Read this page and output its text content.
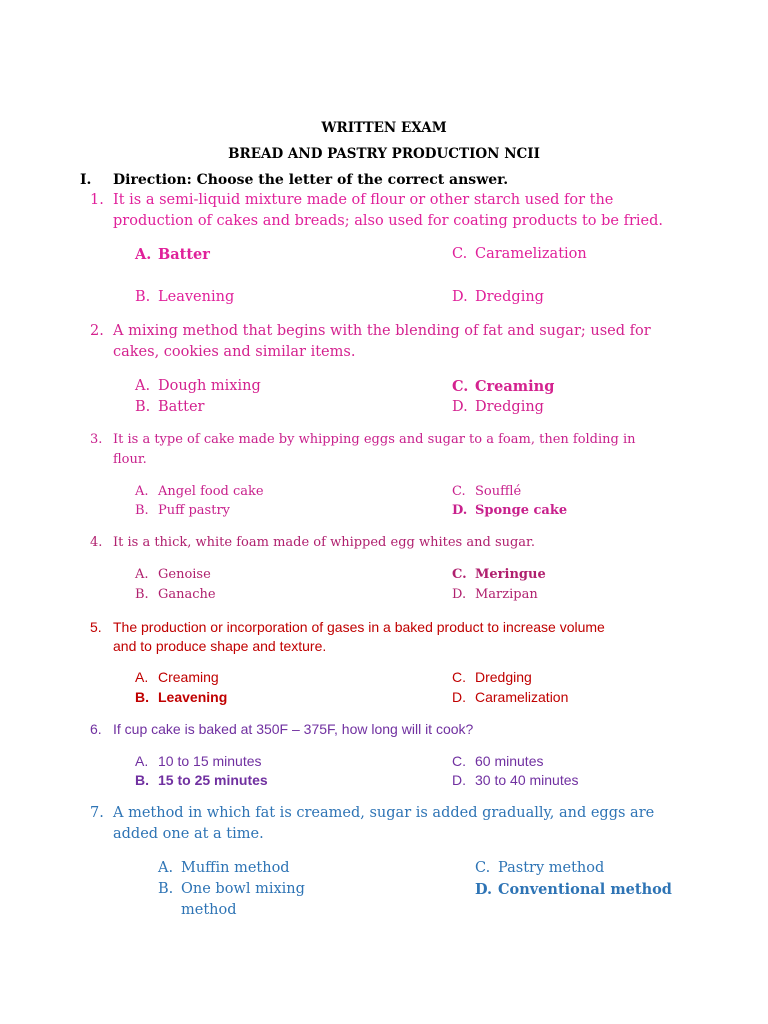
WRITTEN EXAM
BREAD AND PASTRY PRODUCTION NCII
I. Direction: Choose the letter of the correct answer.
1. It is a semi-liquid mixture made of flour or other starch used for the
production of cakes and breads; also used for coating products to be fried.
A. Batter
B. Leavening
C. Caramelization
D. Dredging
2. A mixing method that begins with the blending of fat and sugar; used for
cakes, cookies and similar items.
A. Dough mixing
B. Batter
C. Creaming
D. Dredging
3. It is a type of cake made by whipping eggs and sugar to a foam, then folding in
flour.
A. Angel food cake
B. Puff pastry
C. Soufflé
D. Sponge cake
4. It is a thick, white foam made of whipped egg whites and sugar.
A. Genoise
B. Ganache
C. Meringue
D. Marzipan
5. The production or incorporation of gases in a baked product to increase volume
and to produce shape and texture.
A. Creaming
B. Leavening
C. Dredging
D. Caramelization
6. If cup cake is baked at 350F – 375F, how long will it cook?
A. 10 to 15 minutes
B. 15 to 25 minutes
C. 60 minutes
D. 30 to 40 minutes
7. A method in which fat is creamed, sugar is added gradually, and eggs are
added one at a time.
A. Muffin method
B. One bowl mixing
method
C. Pastry method
D. Conventional method
